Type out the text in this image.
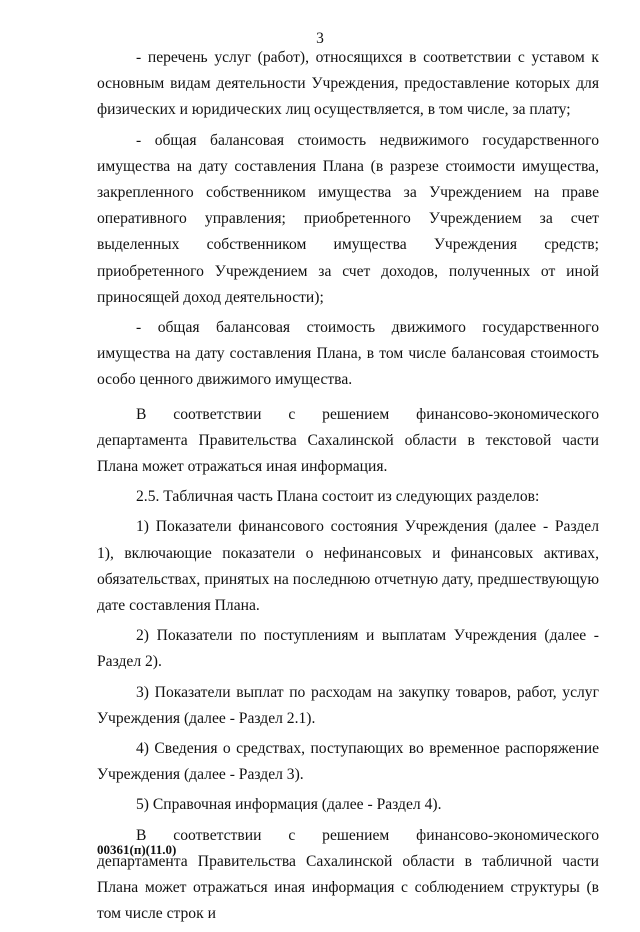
3

- перечень услуг (работ), относящихся в соответствии с уставом к основным видам деятельности Учреждения, предоставление которых для физических и юридических лиц осуществляется, в том числе, за плату;

- общая балансовая стоимость недвижимого государственного имущества на дату составления Плана (в разрезе стоимости имущества, закрепленного собственником имущества за Учреждением на праве оперативного управления; приобретенного Учреждением за счет выделенных собственником имущества Учреждения средств; приобретенного Учреждением за счет доходов, полученных от иной приносящей доход деятельности);

- общая балансовая стоимость движимого государственного имущества на дату составления Плана, в том числе балансовая стоимость особо ценного движимого имущества.

В соответствии с решением финансово-экономического департамента Правительства Сахалинской области в текстовой части Плана может отражаться иная информация.

2.5. Табличная часть Плана состоит из следующих разделов:

1) Показатели финансового состояния Учреждения (далее - Раздел 1), включающие показатели о нефинансовых и финансовых активах, обязательствах, принятых на последнюю отчетную дату, предшествующую дате составления Плана.

2) Показатели по поступлениям и выплатам Учреждения (далее - Раздел 2).

3) Показатели выплат по расходам на закупку товаров, работ, услуг Учреждения (далее - Раздел 2.1).

4) Сведения о средствах, поступающих во временное распоряжение Учреждения (далее - Раздел 3).

5) Справочная информация (далее - Раздел 4).

В соответствии с решением финансово-экономического департамента Правительства Сахалинской области в табличной части Плана может отражаться иная информация с соблюдением структуры (в том числе строк и

00361(п)(11.0)
